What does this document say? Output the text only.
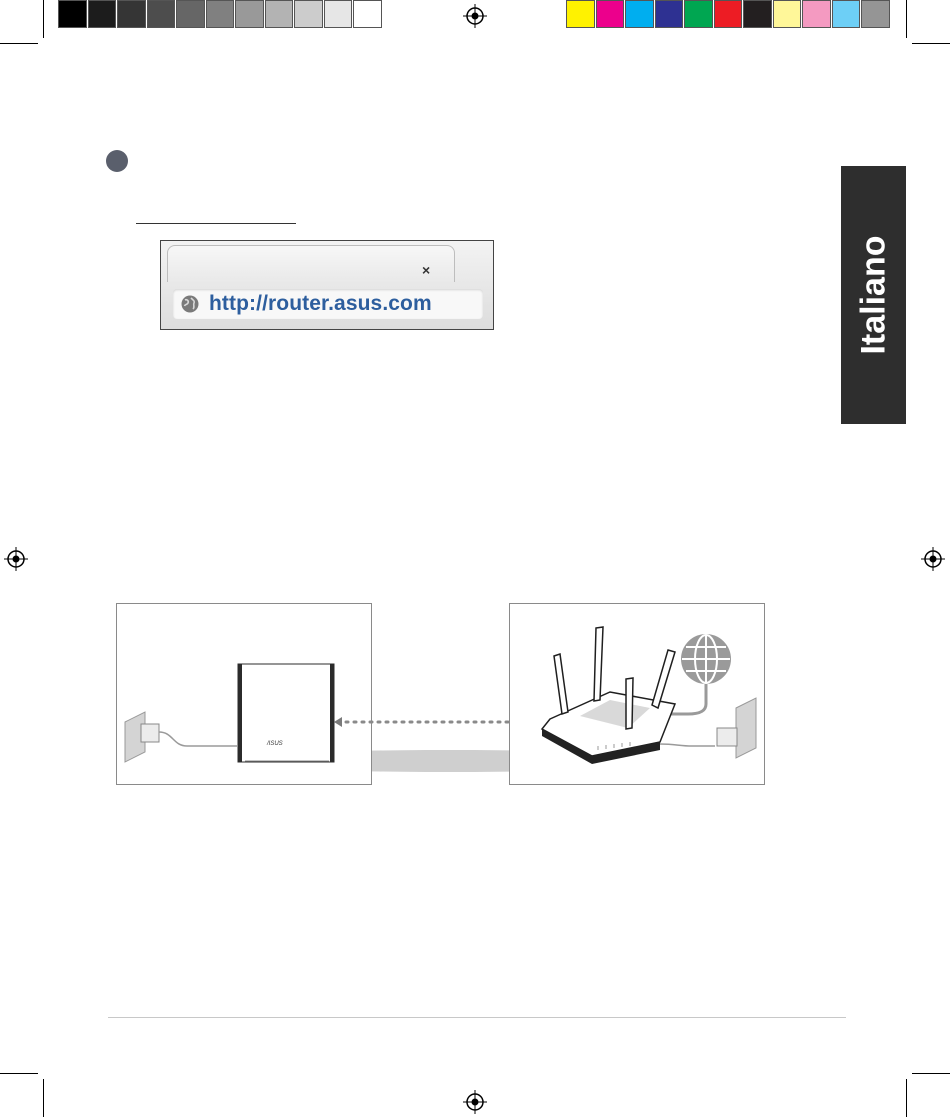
×
http://router.asus.com	Italiano
/ISUS
